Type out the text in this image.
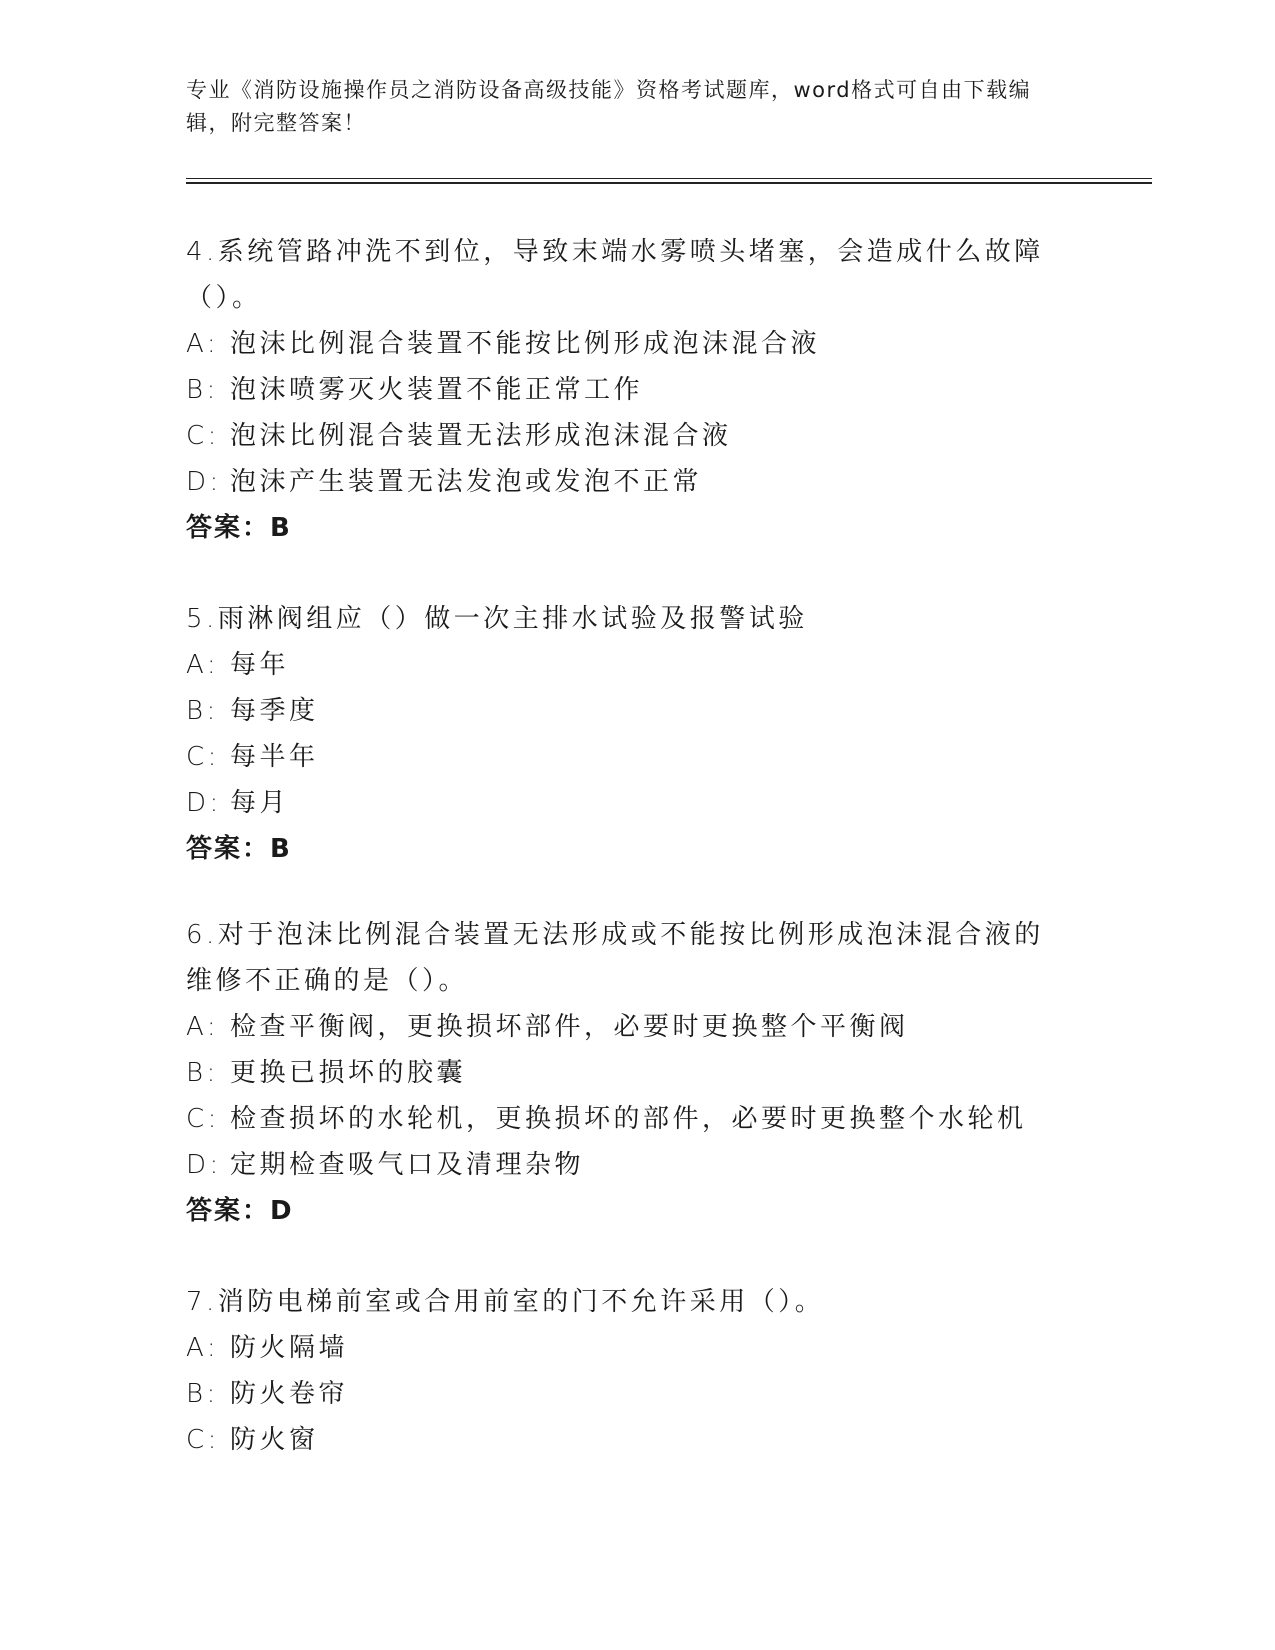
专业《消防设施操作员之消防设备高级技能》资格考试题库，word格式可自由下载编辑，附完整答案！

4.系统管路冲洗不到位，导致末端水雾喷头堵塞，会造成什么故障（）。

A: 泡沫比例混合装置不能按比例形成泡沫混合液

B: 泡沫喷雾灭火装置不能正常工作

C: 泡沫比例混合装置无法形成泡沫混合液

D: 泡沫产生装置无法发泡或发泡不正常

答案：B

5.雨淋阀组应（）做一次主排水试验及报警试验

A: 每年

B: 每季度

C: 每半年

D: 每月

答案：B

6.对于泡沫比例混合装置无法形成或不能按比例形成泡沫混合液的维修不正确的是（）。

A: 检查平衡阀，更换损坏部件，必要时更换整个平衡阀

B: 更换已损坏的胶囊

C: 检查损坏的水轮机，更换损坏的部件，必要时更换整个水轮机

D: 定期检查吸气口及清理杂物

答案：D

7.消防电梯前室或合用前室的门不允许采用（）。

A: 防火隔墙

B: 防火卷帘

C: 防火窗
